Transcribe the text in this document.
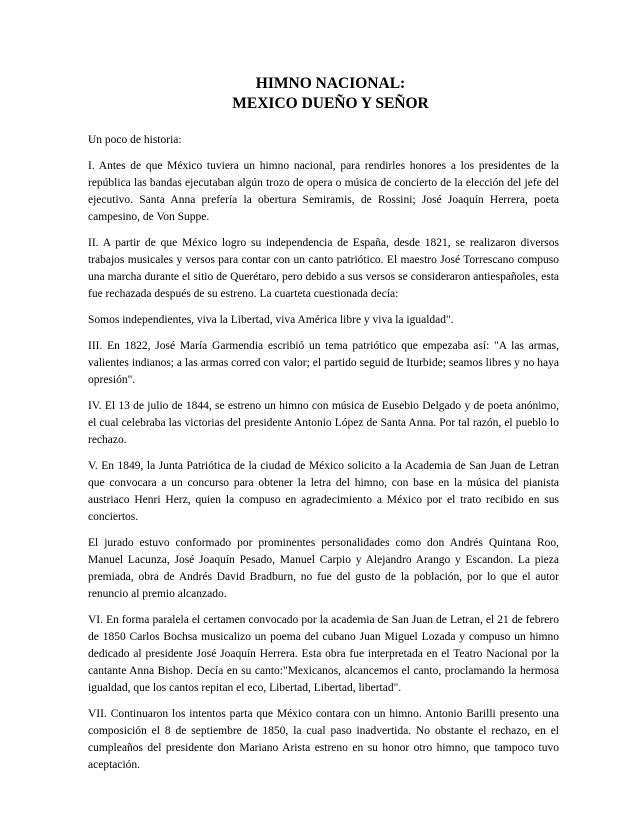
HIMNO NACIONAL:
MEXICO DUEÑO Y SEÑOR

Un poco de historia:

I. Antes de que México tuviera un himno nacional, para rendirles honores a los presidentes de la república las bandas ejecutaban algún trozo de opera o música de concierto de la elección del jefe del ejecutivo. Santa Anna prefería la obertura Semiramis, de Rossini; José Joaquín Herrera, poeta campesino, de Von Suppe.

II. A partir de que México logro su independencia de España, desde 1821, se realizaron diversos trabajos musicales y versos para contar con un canto patriótico. El maestro José Torrescano compuso una marcha durante el sitio de Querétaro, pero debido a sus versos se consideraron antiespañoles, esta fue rechazada después de su estreno. La cuarteta cuestionada decía:

Somos independientes, viva la Libertad, viva América libre y viva la igualdad".

III. En 1822, José María Garmendia escribió un tema patriótico que empezaba así: "A las armas, valientes indianos; a las armas corred con valor; el partido seguid de Iturbide; seamos libres y no haya opresión".

IV. El 13 de julio de 1844, se estreno un himno con música de Eusebio Delgado y de poeta anónimo, el cual celebraba las victorias del presidente Antonio López de Santa Anna. Por tal razón, el pueblo lo rechazo.

V. En 1849, la Junta Patriótica de la ciudad de México solicito a la Academia de San Juan de Letran que convocara a un concurso para obtener la letra del himno, con base en la música del pianista austriaco Henri Herz, quien la compuso en agradecimiento a México por el trato recibido en sus conciertos.

El jurado estuvo conformado por prominentes personalidades como don Andrés Quintana Roo, Manuel Lacunza, José Joaquín Pesado, Manuel Carpio y Alejandro Arango y Escandon. La pieza premiada, obra de Andrés David Bradburn, no fue del gusto de la población, por lo que el autor renuncio al premio alcanzado.

VI. En forma paralela el certamen convocado por la academia de San Juan de Letran, el 21 de febrero de 1850 Carlos Bochsa musicalizo un poema del cubano Juan Miguel Lozada y compuso un himno dedicado al presidente José Joaquín Herrera. Esta obra fue interpretada en el Teatro Nacional por la cantante Anna Bishop. Decía en su canto:"Mexicanos, alcancemos el canto, proclamando la hermosa igualdad, que los cantos repitan el eco, Libertad, Libertad, libertad".

VII. Continuaron los intentos parta que México contara con un himno. Antonio Barilli presento una composición el 8 de septiembre de 1850, la cual paso inadvertida. No obstante el rechazo, en el cumpleaños del presidente don Mariano Arista estreno en su honor otro himno, que tampoco tuvo aceptación.
